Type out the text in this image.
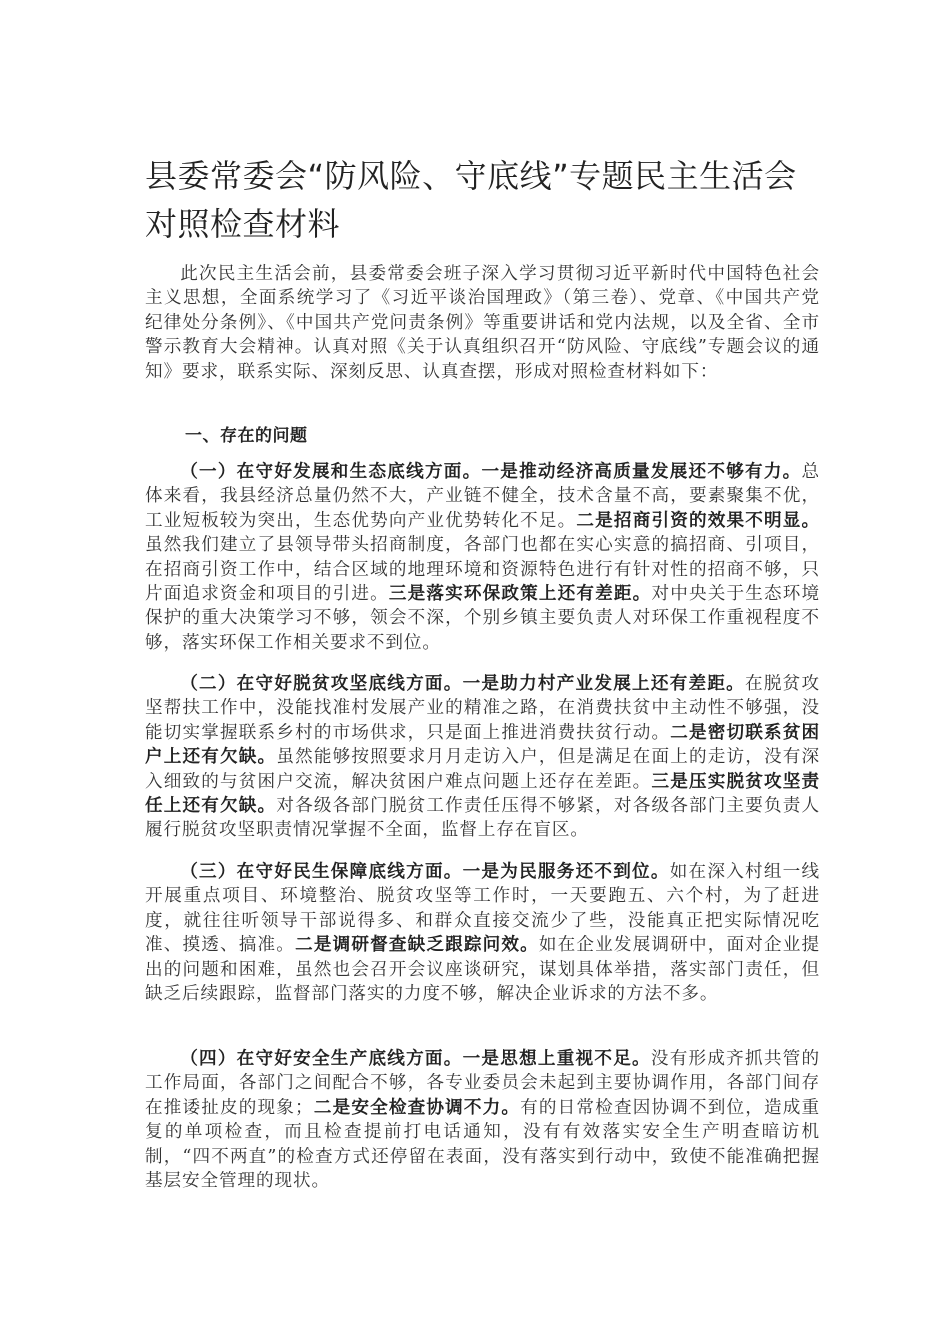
县委常委会“防风险、守底线”专题民主生活会对照检查材料
此次民主生活会前，县委常委会班子深入学习贯彻习近平新时代中国特色社会主义思想，全面系统学习了《习近平谈治国理政》（第三卷）、党章、《中国共产党纪律处分条例》、《中国共产党问责条例》等重要讲话和党内法规，以及全省、全市警示教育大会精神。认真对照《关于认真组织召开“防风险、守底线”专题会议的通知》要求，联系实际、深刻反思、认真查摆，形成对照检查材料如下：
一、存在的问题
（一）在守好发展和生态底线方面。一是推动经济高质量发展还不够有力。总体来看，我县经济总量仍然不大，产业链不健全，技术含量不高，要素聚集不优，工业短板较为突出，生态优势向产业优势转化不足。二是招商引资的效果不明显。虽然我们建立了县领导带头招商制度，各部门也都在实心实意的搞招商、引项目，在招商引资工作中，结合区域的地理环境和资源特色进行有针对性的招商不够，只片面追求资金和项目的引进。三是落实环保政策上还有差距。对中央关于生态环境保护的重大决策学习不够，领会不深，个别乡镇主要负责人对环保工作重视程度不够，落实环保工作相关要求不到位。
（二）在守好脱贫攻坚底线方面。一是助力村产业发展上还有差距。在脱贫攻坚帮扶工作中，没能找准村发展产业的精准之路，在消费扶贫中主动性不够强，没能切实掌握联系乡村的市场供求，只是面上推进消费扶贫行动。二是密切联系贫困户上还有欠缺。虽然能够按照要求月月走访入户，但是满足在面上的走访，没有深入细致的与贫困户交流，解决贫困户难点问题上还存在差距。三是压实脱贫攻坚责任上还有欠缺。对各级各部门脱贫工作责任压得不够紧，对各级各部门主要负责人履行脱贫攻坚职责情况掌握不全面，监督上存在盲区。
（三）在守好民生保障底线方面。一是为民服务还不到位。如在深入村组一线开展重点项目、环境整治、脱贫攻坚等工作时，一天要跑五、六个村，为了赶进度，就往往听领导干部说得多、和群众直接交流少了些，没能真正把实际情况吃准、摸透、搞准。二是调研督查缺乏跟踪问效。如在企业发展调研中，面对企业提出的问题和困难，虽然也会召开会议座谈研究，谋划具体举措，落实部门责任，但缺乏后续跟踪，监督部门落实的力度不够，解决企业诉求的方法不多。
（四）在守好安全生产底线方面。一是思想上重视不足。没有形成齐抓共管的工作局面，各部门之间配合不够，各专业委员会未起到主要协调作用，各部门间存在推诿扯皮的现象；二是安全检查协调不力。有的日常检查因协调不到位，造成重复的单项检查，而且检查提前打电话通知，没有有效落实安全生产明查暗访机制，“四不两直”的检查方式还停留在表面，没有落实到行动中，致使不能准确把握基层安全管理的现状。
